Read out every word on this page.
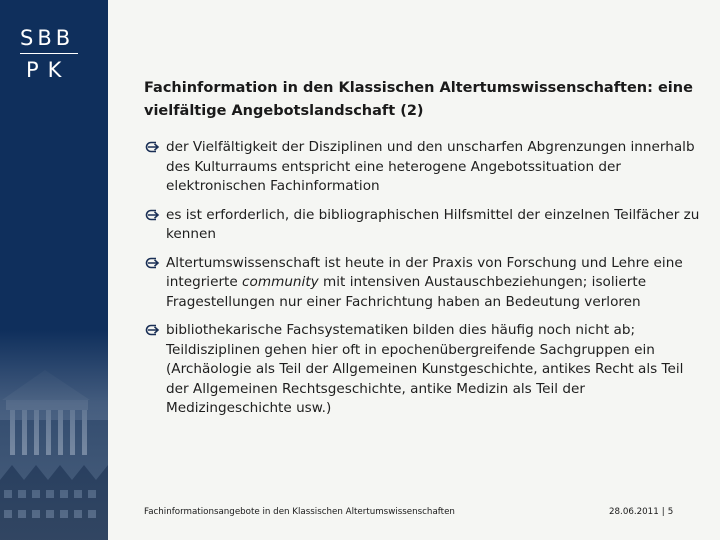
SBB
PK
Fachinformation in den Klassischen Altertumswissenschaften: eine vielfältige Angebotslandschaft (2)
der Vielfältigkeit der Disziplinen und den unscharfen Abgrenzungen innerhalb des Kulturraums entspricht eine heterogene Angebotssituation der elektronischen Fachinformation
es ist erforderlich, die bibliographischen Hilfsmittel der einzelnen Teilfächer zu kennen
Altertumswissenschaft ist heute in der Praxis von Forschung und Lehre eine integrierte community mit intensiven Austauschbeziehungen; isolierte Fragestellungen nur einer Fachrichtung haben an Bedeutung verloren
bibliothekarische Fachsystematiken bilden dies häufig noch nicht ab; Teildisziplinen gehen hier oft in epochenübergreifende Sachgruppen ein (Archäologie als Teil der Allgemeinen Kunstgeschichte, antikes Recht als Teil der Allgemeinen Rechtsgeschichte, antike Medizin als Teil der Medizingeschichte usw.)
Fachinformationsangebote in den Klassischen Altertumswissenschaften	28.06.2011 | 5
